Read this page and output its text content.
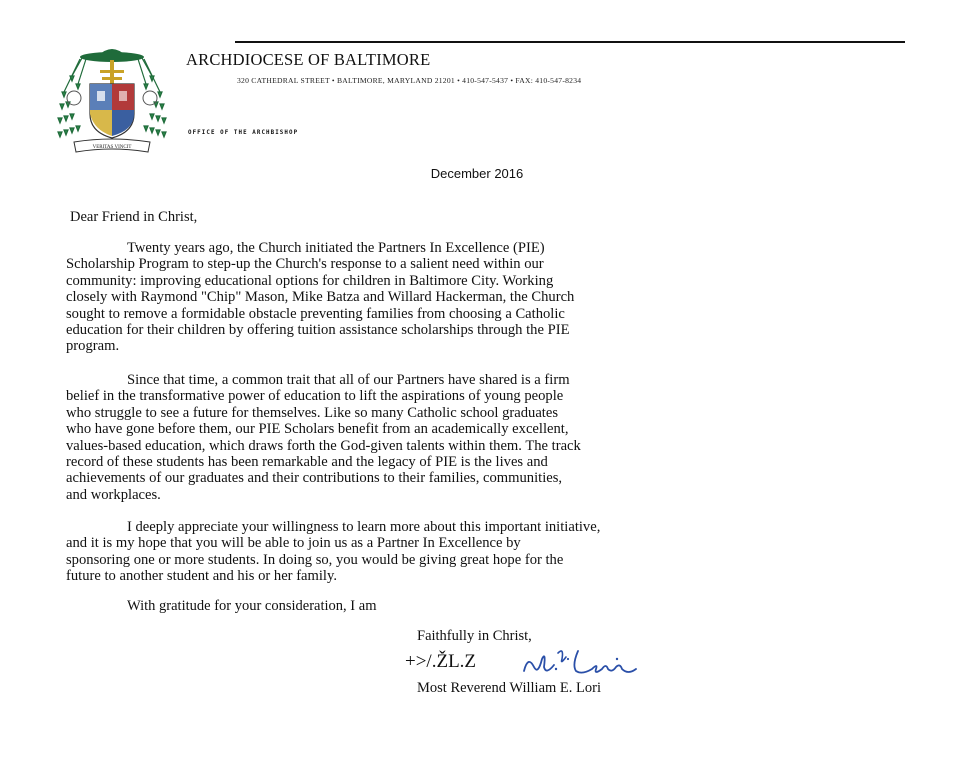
VERITAS VINCIT
ARCHDIOCESE OF BALTIMORE
320 CATHEDRAL STREET • BALTIMORE, MARYLAND 21201 • 410-547-5437 • FAX: 410-547-8234
OFFICE OF THE ARCHBISHOP
December 2016
Dear Friend in Christ,
Twenty years ago, the Church initiated the Partners In Excellence (PIE)
Scholarship Program to step-up the Church's response to a salient need within our
community: improving educational options for children in Baltimore City. Working
closely with Raymond "Chip" Mason, Mike Batza and Willard Hackerman, the Church
sought to remove a formidable obstacle preventing families from choosing a Catholic
education for their children by offering tuition assistance scholarships through the PIE
program.
Since that time, a common trait that all of our Partners have shared is a firm
belief in the transformative power of education to lift the aspirations of young people
who struggle to see a future for themselves. Like so many Catholic school graduates
who have gone before them, our PIE Scholars benefit from an academically excellent,
values-based education, which draws forth the God-given talents within them. The track
record of these students has been remarkable and the legacy of PIE is the lives and
achievements of our graduates and their contributions to their families, communities,
and workplaces.
I deeply appreciate your willingness to learn more about this important initiative,
and it is my hope that you will be able to join us as a Partner In Excellence by
sponsoring one or more students. In doing so, you would be giving great hope for the
future to another student and his or her family.
With gratitude for your consideration, I am
Faithfully in Christ,
+>/.ŽL.Z
Most Reverend William E. Lori
